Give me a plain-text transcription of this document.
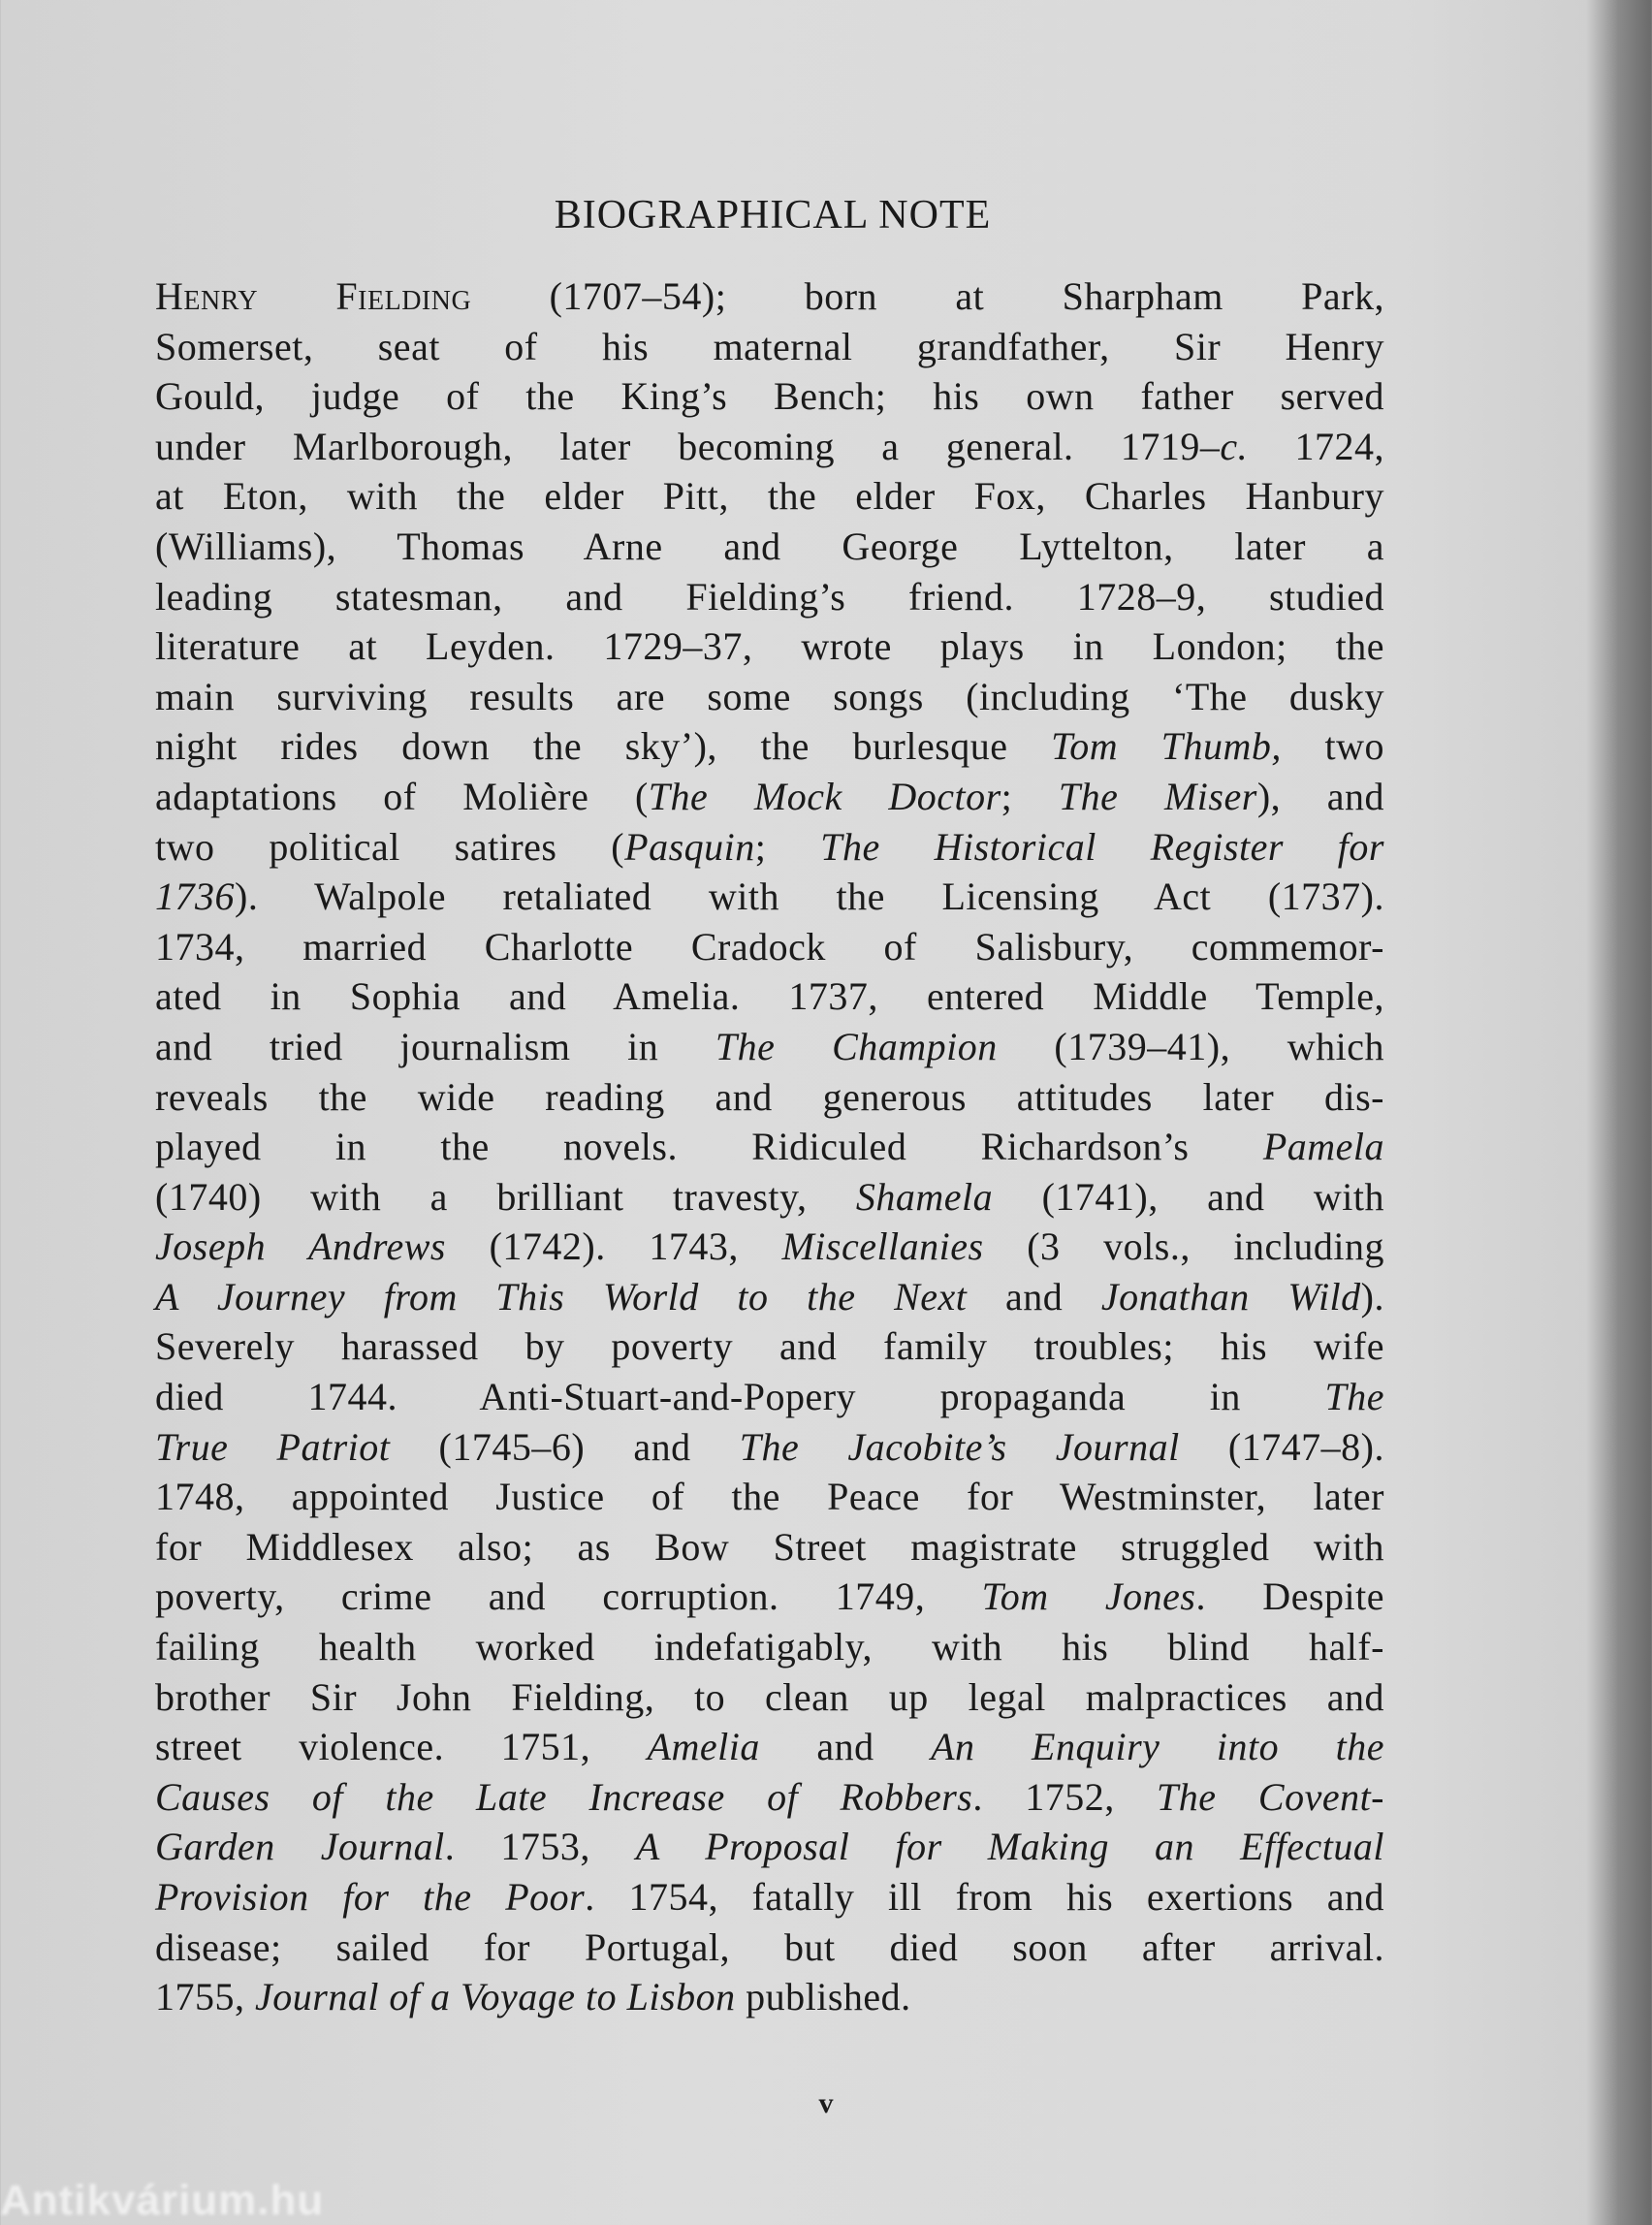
BIOGRAPHICAL NOTE
Henry Fielding (1707–54); born at Sharpham Park,
Somerset, seat of his maternal grandfather, Sir Henry
Gould, judge of the King’s Bench; his own father served
under Marlborough, later becoming a general. 1719–c. 1724,
at Eton, with the elder Pitt, the elder Fox, Charles Hanbury
(Williams), Thomas Arne and George Lyttelton, later a
leading statesman, and Fielding’s friend. 1728–9, studied
literature at Leyden. 1729–37, wrote plays in London; the
main surviving results are some songs (including ‘The dusky
night rides down the sky’), the burlesque Tom Thumb, two
adaptations of Molière (The Mock Doctor; The Miser), and
two political satires (Pasquin; The Historical Register for
1736). Walpole retaliated with the Licensing Act (1737).
1734, married Charlotte Cradock of Salisbury, commemor-
ated in Sophia and Amelia. 1737, entered Middle Temple,
and tried journalism in The Champion (1739–41), which
reveals the wide reading and generous attitudes later dis-
played in the novels. Ridiculed Richardson’s Pamela
(1740) with a brilliant travesty, Shamela (1741), and with
Joseph Andrews (1742). 1743, Miscellanies (3 vols., including
A Journey from This World to the Next and Jonathan Wild).
Severely harassed by poverty and family troubles; his wife
died 1744. Anti-Stuart-and-Popery propaganda in The
True Patriot (1745–6) and The Jacobite’s Journal (1747–8).
1748, appointed Justice of the Peace for Westminster, later
for Middlesex also; as Bow Street magistrate struggled with
poverty, crime and corruption. 1749, Tom Jones. Despite
failing health worked indefatigably, with his blind half-
brother Sir John Fielding, to clean up legal malpractices and
street violence. 1751, Amelia and An Enquiry into the
Causes of the Late Increase of Robbers. 1752, The Covent-
Garden Journal. 1753, A Proposal for Making an Effectual
Provision for the Poor. 1754, fatally ill from his exertions and
disease; sailed for Portugal, but died soon after arrival.
1755, Journal of a Voyage to Lisbon published.
v
Antikvárium.hu
